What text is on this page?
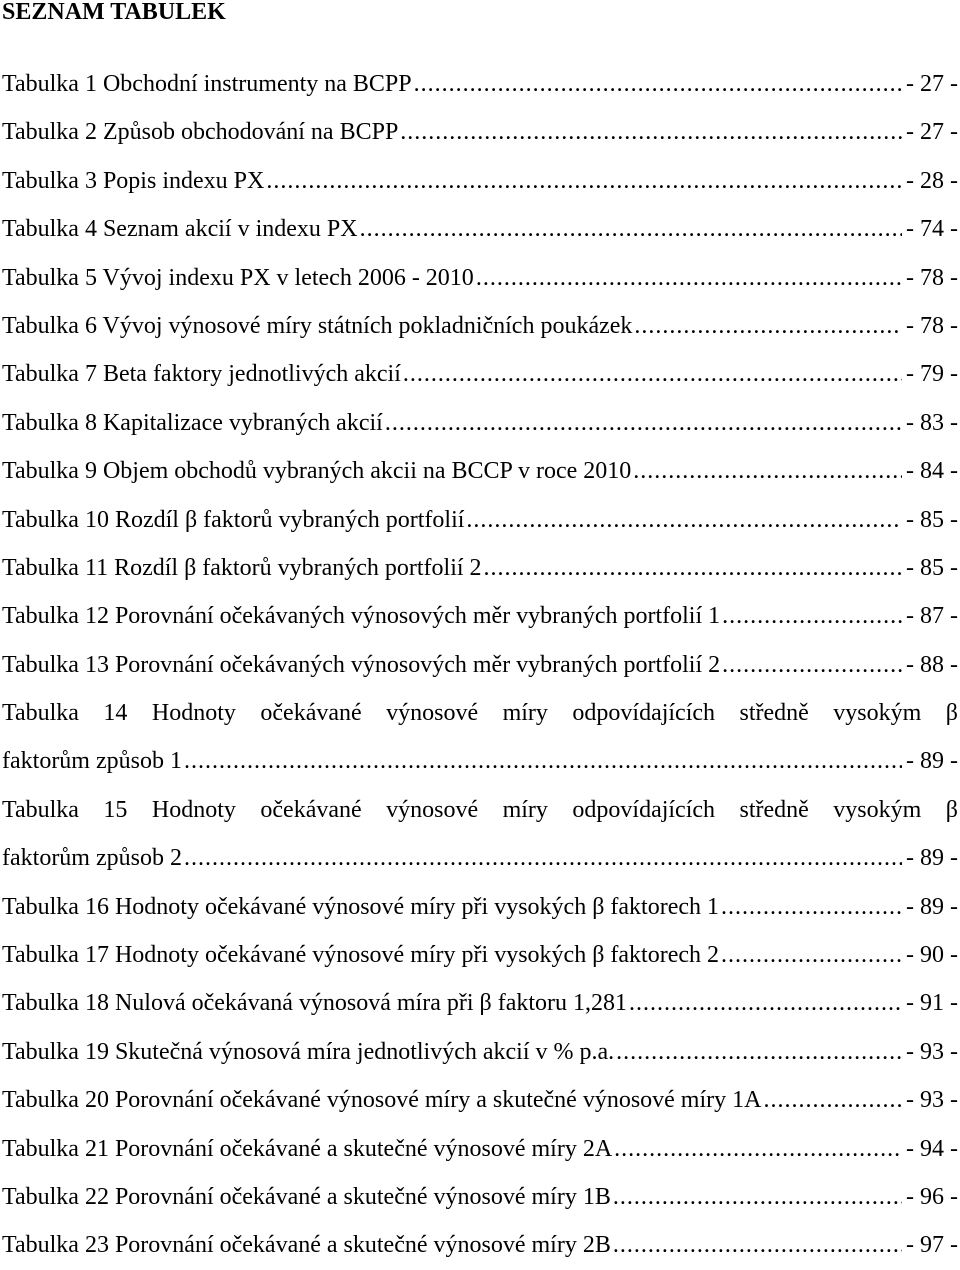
SEZNAM TABULEK
Tabulka 1 Obchodní instrumenty na BCPP .....	- 27 -
Tabulka 2 Způsob obchodování na BCPP .....	- 27 -
Tabulka 3 Popis indexu PX .....	- 28 -
Tabulka 4 Seznam akcií v indexu PX .....	- 74 -
Tabulka 5 Vývoj indexu PX v letech 2006 - 2010 .....	- 78 -
Tabulka 6 Vývoj výnosové míry státních pokladničních poukázek .....	- 78 -
Tabulka 7 Beta faktory jednotlivých akcií .....	- 79 -
Tabulka 8 Kapitalizace vybraných akcií .....	- 83 -
Tabulka 9 Objem obchodů vybraných akcii na BCCP v roce 2010 .....	- 84 -
Tabulka 10 Rozdíl β faktorů vybraných portfolií .....	- 85 -
Tabulka 11 Rozdíl β faktorů vybraných portfolií 2 .....	- 85 -
Tabulka 12 Porovnání očekávaných výnosových měr vybraných portfolií 1 .....	- 87 -
Tabulka 13 Porovnání očekávaných výnosových měr vybraných portfolií 2 .....	- 88 -
Tabulka 14 Hodnoty očekávané výnosové míry odpovídajících středně vysokým β
faktorům způsob 1 .....	- 89 -
Tabulka 15 Hodnoty očekávané výnosové míry odpovídajících středně vysokým β
faktorům způsob 2 .....	- 89 -
Tabulka 16 Hodnoty očekávané výnosové míry při vysokých β faktorech 1 .....	- 89 -
Tabulka 17 Hodnoty očekávané výnosové míry při vysokých β faktorech 2 .....	- 90 -
Tabulka 18 Nulová očekávaná výnosová míra při β faktoru 1,281 .....	- 91 -
Tabulka 19 Skutečná výnosová míra jednotlivých akcií v % p.a. .....	- 93 -
Tabulka 20 Porovnání očekávané výnosové míry a skutečné výnosové míry 1A .....	- 93 -
Tabulka 21 Porovnání očekávané a skutečné výnosové míry 2A .....	- 94 -
Tabulka 22 Porovnání očekávané a skutečné výnosové míry 1B .....	- 96 -
Tabulka 23 Porovnání očekávané a skutečné výnosové míry 2B .....	- 97 -
